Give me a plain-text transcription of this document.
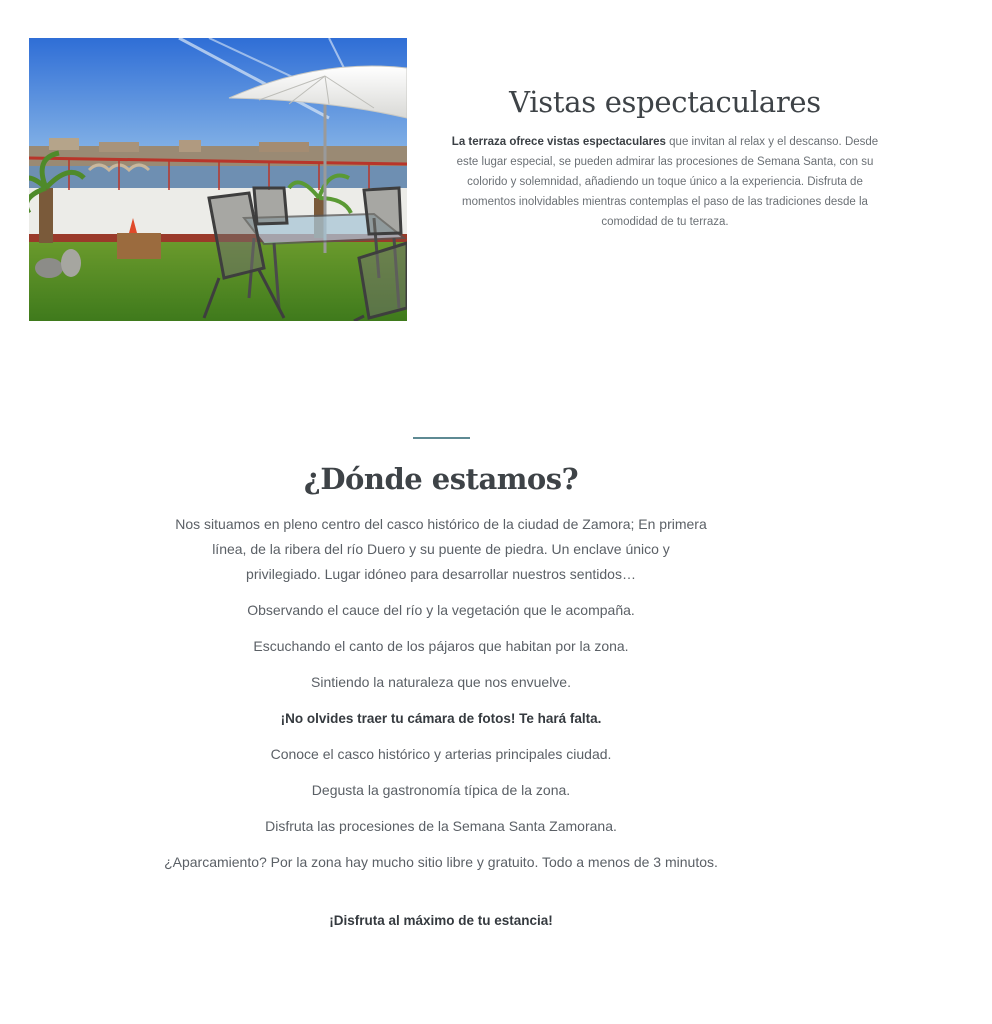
Vistas espectaculares

La terraza ofrece vistas espectaculares que invitan al relax y el descanso. Desde este lugar especial, se pueden admirar las procesiones de Semana Santa, con su colorido y solemnidad, añadiendo un toque único a la experiencia. Disfruta de momentos inolvidables mientras contemplas el paso de las tradiciones desde la comodidad de tu terraza.

¿Dónde estamos?

Nos situamos en pleno centro del casco histórico de la ciudad de Zamora; En primera línea, de la ribera del río Duero y su puente de piedra. Un enclave único y privilegiado. Lugar idóneo para desarrollar nuestros sentidos…

Observando el cauce del río y la vegetación que le acompaña.

Escuchando el canto de los pájaros que habitan por la zona.

Sintiendo la naturaleza que nos envuelve.

¡No olvides traer tu cámara de fotos! Te hará falta.

Conoce el casco histórico y arterias principales ciudad.

Degusta la gastronomía típica de la zona.

Disfruta las procesiones de la Semana Santa Zamorana.

¿Aparcamiento? Por la zona hay mucho sitio libre y gratuito. Todo a menos de 3 minutos.

¡Disfruta al máximo de tu estancia!
